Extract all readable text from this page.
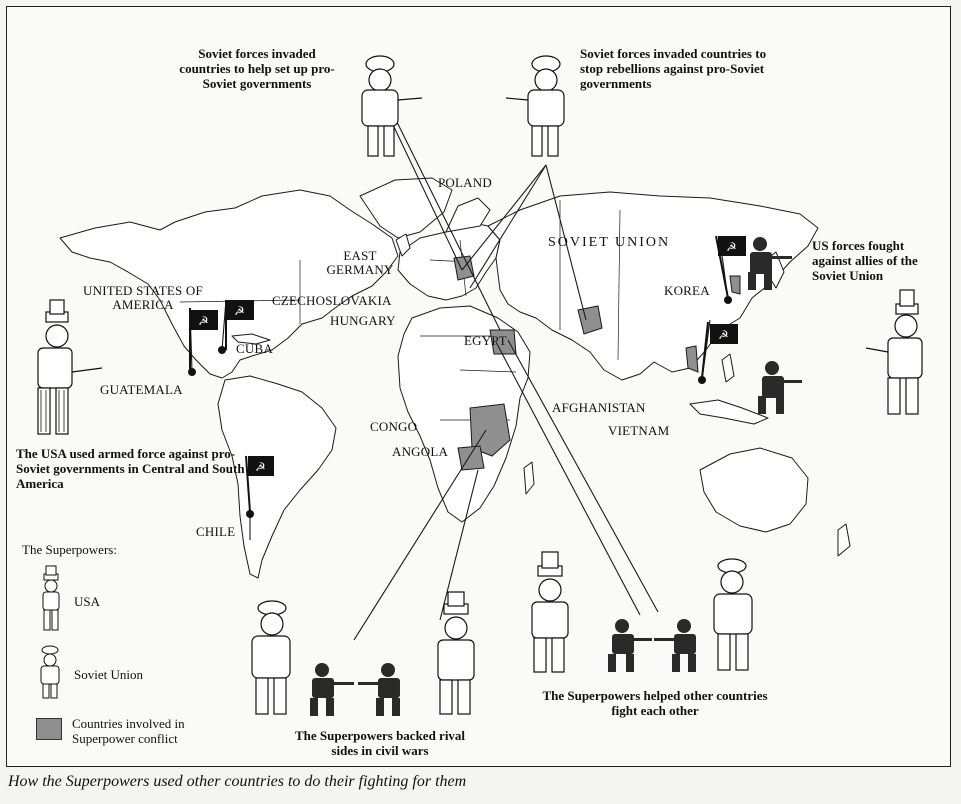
☭
☭
☭
☭
☭
Soviet forces invaded countries to help set up pro-Soviet governments
Soviet forces invaded countries to stop rebellions against pro-Soviet governments
US forces fought against allies of the Soviet Union
The USA used armed force against pro-Soviet governments in Central and South America
The Superpowers backed rival sides in civil wars
The Superpowers helped other countries fight each other
SOVIET UNION
UNITED STATES OF AMERICA
POLAND
EAST GERMANY
CZECHOSLOVAKIA
HUNGARY
EGYPT
KOREA
CUBA
GUATEMALA
CONGO
ANGOLA
AFGHANISTAN
VIETNAM
CHILE
The Superpowers:
USA
Soviet Union
Countries involved in Superpower conflict
How the Superpowers used other countries to do their fighting for them
